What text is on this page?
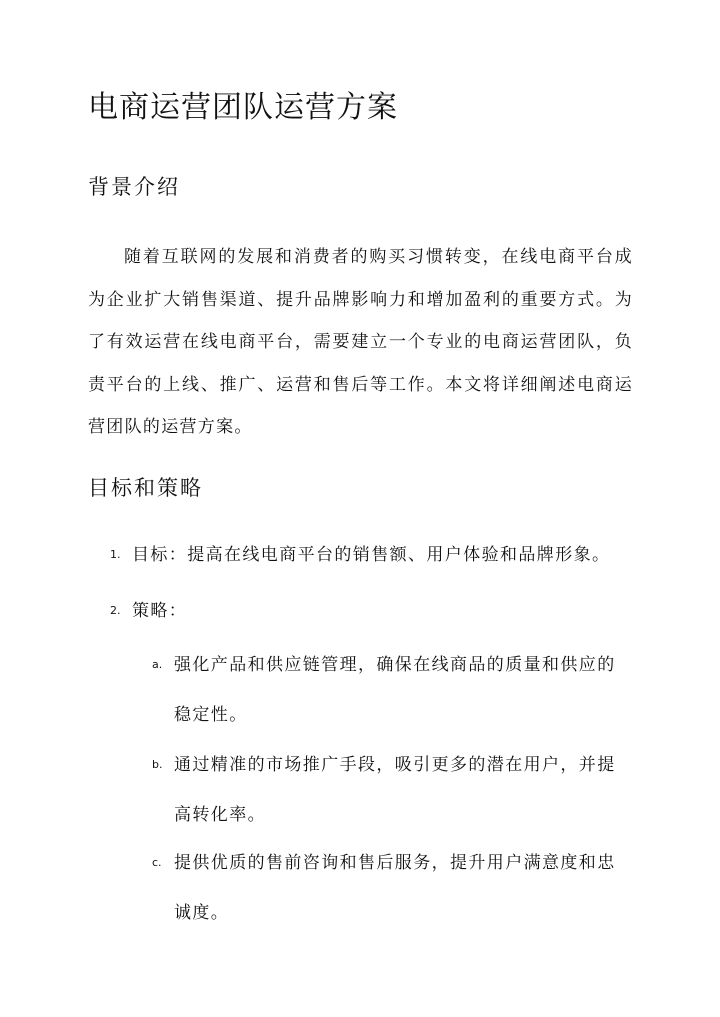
电商运营团队运营方案
背景介绍

随着互联网的发展和消费者的购买习惯转变，在线电商平台成为企业扩大销售渠道、提升品牌影响力和增加盈利的重要方式。为了有效运营在线电商平台，需要建立一个专业的电商运营团队，负责平台的上线、推广、运营和售后等工作。本文将详细阐述电商运营团队的运营方案。

目标和策略
1. 目标：提高在线电商平台的销售额、用户体验和品牌形象。
2. 策略：
a. 强化产品和供应链管理，确保在线商品的质量和供应的
稳定性。

b. 通过精准的市场推广手段，吸引更多的潜在用户，并提
高转化率。

c. 提供优质的售前咨询和售后服务，提升用户满意度和忠
诚度。
